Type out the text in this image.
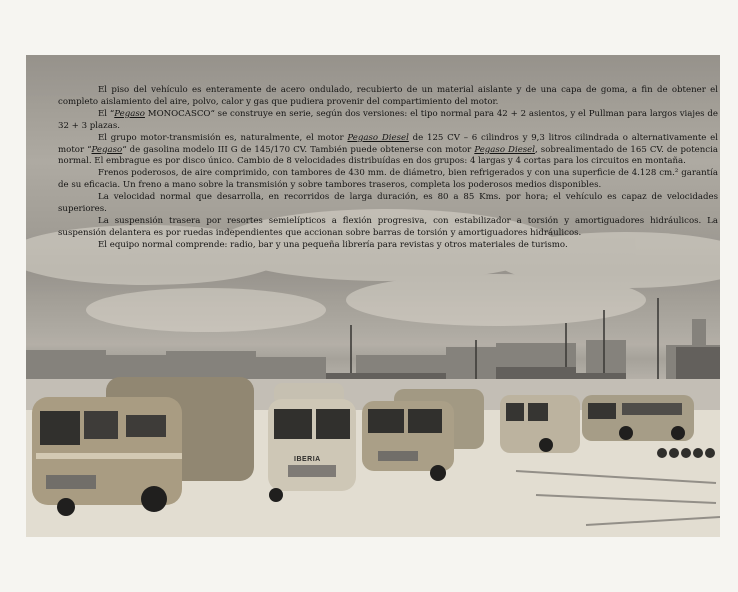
IBERIA

El piso del vehículo es enteramente de acero ondulado, recubierto de un material aislante y de una capa de goma, a fin de obtener el completo aislamiento del aire, polvo, calor y gas que pudiera provenir del compartimiento del motor.

El “Pegaso MONOCASCO“ se construye en serie, según dos versiones: el tipo normal para 42 + 2 asientos, y el Pullman para largos viajes de 32 + 3 plazas.

El grupo motor-transmisión es, naturalmente, el motor Pegaso Diesel de 125 CV – 6 cilindros y 9,3 litros cilindrada o alternativamente el motor “Pegaso“ de gasolina modelo III G de 145/170 CV. También puede obtenerse con motor Pegaso Diesel, sobrealimentado de 165 CV. de potencia normal. El embrague es por disco único. Cambio de 8 velocidades distribuídas en dos grupos: 4 largas y 4 cortas para los circuitos en montaña.

Frenos poderosos, de aire comprimido, con tambores de 430 mm. de diámetro, bien refrigerados y con una superficie de 4.128 cm.² garantía de su eficacia. Un freno a mano sobre la transmisión y sobre tambores traseros, completa los poderosos medios disponibles.

La velocidad normal que desarrolla, en recorridos de larga duración, es 80 a 85 Kms. por hora; el vehículo es capaz de velocidades superiores.

La suspensión trasera por resortes semielípticos a flexión progresiva, con estabilizador a torsión y amortiguadores hidráulicos. La suspensión delantera es por ruedas independientes que accionan sobre barras de torsión y amortiguadores hidráulicos.

El equipo normal comprende: radio, bar y una pequeña librería para revistas y otros materiales de turismo.
